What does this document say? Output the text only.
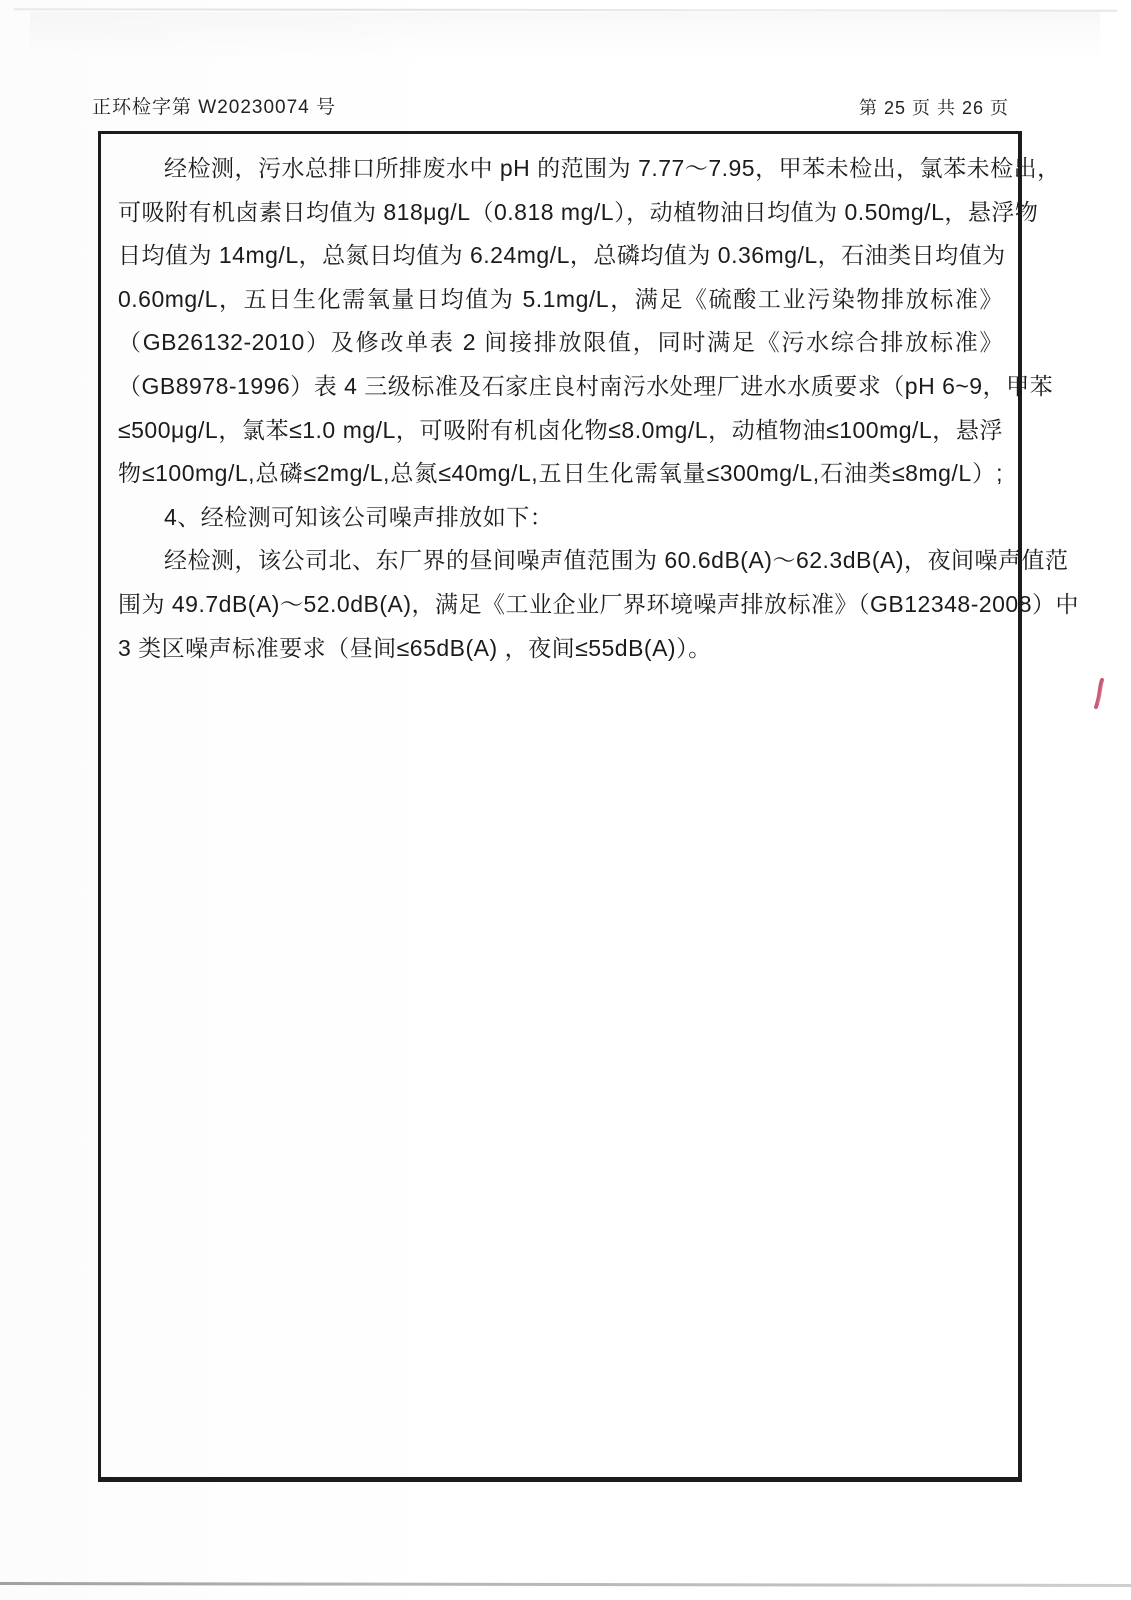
正环检字第 W20230074 号	第 25 页 共 26 页
经检测，污水总排口所排废水中 pH 的范围为 7.77～7.95，甲苯未检出，氯苯未检出，
可吸附有机卤素日均值为 818μg/L（0.818 mg/L），动植物油日均值为 0.50mg/L，悬浮物
日均值为 14mg/L，总氮日均值为 6.24mg/L，总磷均值为 0.36mg/L，石油类日均值为
0.60mg/L，五日生化需氧量日均值为 5.1mg/L，满足《硫酸工业污染物排放标准》
（GB26132-2010）及修改单表 2 间接排放限值，同时满足《污水综合排放标准》
（GB8978-1996）表 4 三级标准及石家庄良村南污水处理厂进水水质要求（pH 6~9，甲苯
≤500μg/L，氯苯≤1.0 mg/L，可吸附有机卤化物≤8.0mg/L，动植物油≤100mg/L，悬浮
物≤100mg/L,总磷≤2mg/L,总氮≤40mg/L,五日生化需氧量≤300mg/L,石油类≤8mg/L）;
4、经检测可知该公司噪声排放如下：
经检测，该公司北、东厂界的昼间噪声值范围为 60.6dB(A)～62.3dB(A)，夜间噪声值范
围为 49.7dB(A)～52.0dB(A)，满足《工业企业厂界环境噪声排放标准》（GB12348-2008）中
3 类区噪声标准要求（昼间≤65dB(A) ，夜间≤55dB(A)）。
